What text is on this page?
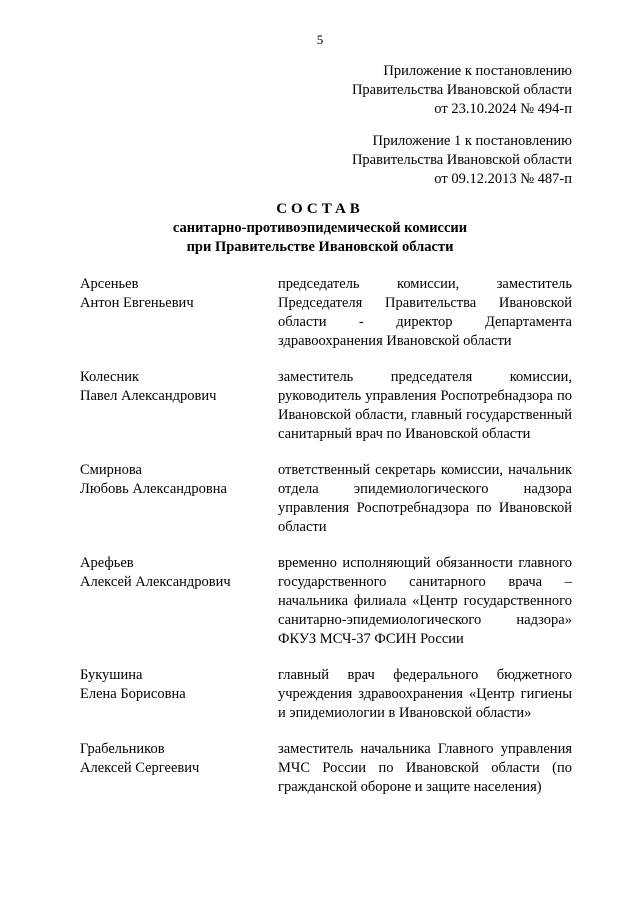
5
Приложение к постановлению
Правительства Ивановской области
от 23.10.2024 № 494-п
Приложение 1 к постановлению
Правительства Ивановской области
от 09.12.2013 № 487-п
СОСТАВ
санитарно-противоэпидемической комиссии
при Правительстве Ивановской области
Арсеньев
Антон Евгеньевич
председатель комиссии, заместитель Председателя Правительства Ивановской области - директор Департамента здравоохранения Ивановской области
Колесник
Павел Александрович
заместитель председателя комиссии, руководитель управления Роспотребнадзора по Ивановской области, главный государственный санитарный врач по Ивановской области
Смирнова
Любовь Александровна
ответственный секретарь комиссии, начальник отдела эпидемиологического надзора управления Роспотребнадзора по Ивановской области
Арефьев
Алексей Александрович
временно исполняющий обязанности главного государственного санитарного врача – начальника филиала «Центр государственного санитарно-эпидемиологического надзора» ФКУЗ МСЧ-37 ФСИН России
Букушина
Елена Борисовна
главный врач федерального бюджетного учреждения здравоохранения «Центр гигиены и эпидемиологии в Ивановской области»
Грабельников
Алексей Сергеевич
заместитель начальника Главного управления МЧС России по Ивановской области (по гражданской обороне и защите населения)
